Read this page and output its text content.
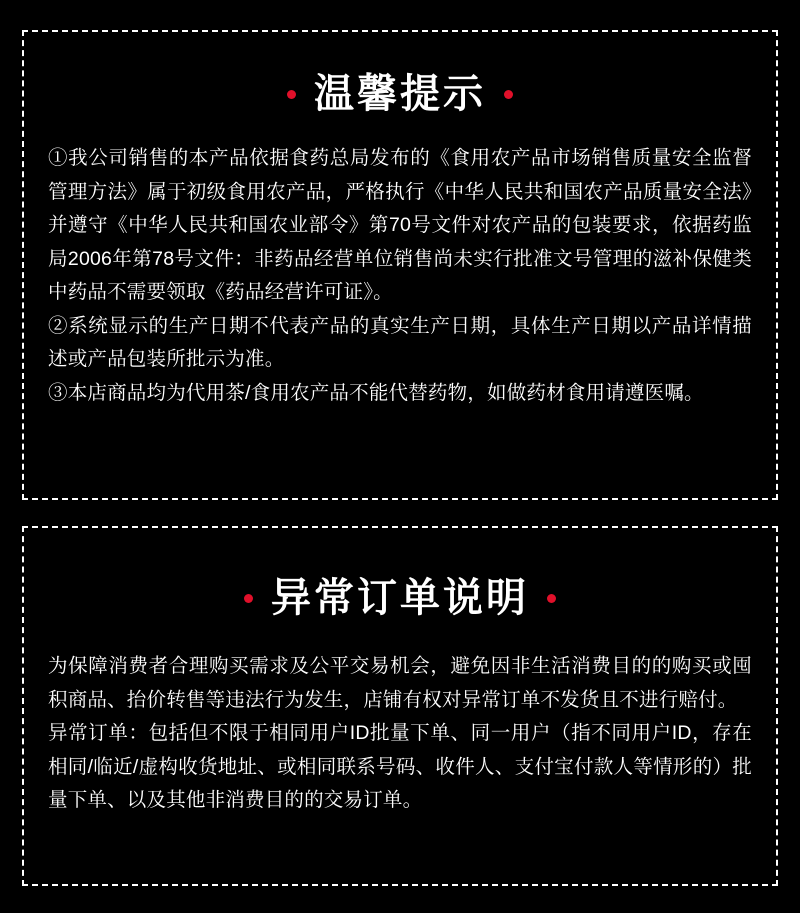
温馨提示

①我公司销售的本产品依据食药总局发布的《食用农产品市场销售质量安全监督管理方法》属于初级食用农产品，严格执行《中华人民共和国农产品质量安全法》并遵守《中华人民共和国农业部令》第70号文件对农产品的包装要求，依据药监局2006年第78号文件：非药品经营单位销售尚未实行批准文号管理的滋补保健类中药品不需要领取《药品经营许可证》。

②系统显示的生产日期不代表产品的真实生产日期，具体生产日期以产品详情描述或产品包装所批示为准。

③本店商品均为代用茶/食用农产品不能代替药物，如做药材食用请遵医嘱。

异常订单说明

为保障消费者合理购买需求及公平交易机会，避免因非生活消费目的的购买或囤积商品、抬价转售等违法行为发生，店铺有权对异常订单不发货且不进行赔付。

异常订单：包括但不限于相同用户ID批量下单、同一用户（指不同用户ID，存在相同/临近/虚构收货地址、或相同联系号码、收件人、支付宝付款人等情形的）批量下单、以及其他非消费目的的交易订单。
